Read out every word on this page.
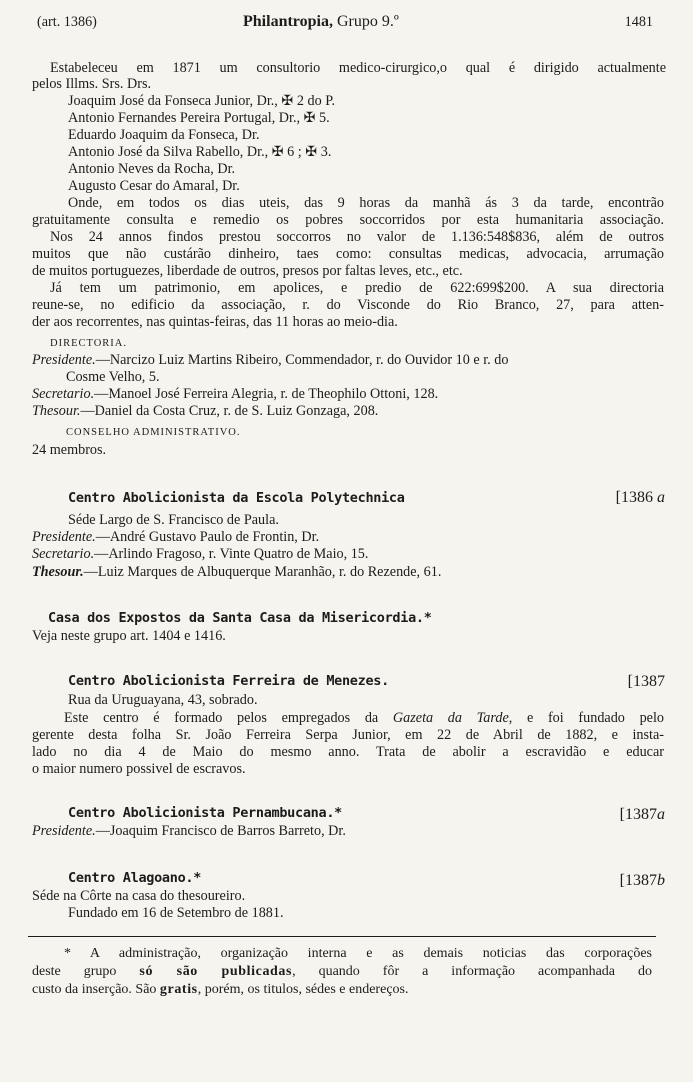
(art. 1386)	Philantropia, Grupo 9.º	1481
Estabeleceu em 1871 um consultorio medico-cirurgico,o qual é dirigido actualmente
pelos Illms. Srs. Drs.
Joaquim José da Fonseca Junior, Dr., ✠ 2 do P.
Antonio Fernandes Pereira Portugal, Dr., ✠ 5.
Eduardo Joaquim da Fonseca, Dr.
Antonio José da Silva Rabello, Dr., ✠ 6 ; ✠ 3.
Antonio Neves da Rocha, Dr.
Augusto Cesar do Amaral, Dr.
Onde, em todos os dias uteis, das 9 horas da manhã ás 3 da tarde, encontrão
gratuitamente consulta e remedio os pobres soccorridos por esta humanitaria associação.
Nos 24 annos findos prestou soccorros no valor de 1.136:548$836, além de outros
muitos que não custárão dinheiro, taes como: consultas medicas, advocacia, arrumação
de muitos portuguezes, liberdade de outros, presos por faltas leves, etc., etc.
Já tem um patrimonio, em apolices, e predio de 622:699$200. A sua directoria
reune-se, no edificio da associação, r. do Visconde do Rio Branco, 27, para atten-
der aos recorrentes, nas quintas-feiras, das 11 horas ao meio-dia.
DIRECTORIA.
Presidente.—Narcizo Luiz Martins Ribeiro, Commendador, r. do Ouvidor 10 e r. do
Cosme Velho, 5.
Secretario.—Manoel José Ferreira Alegria, r. de Theophilo Ottoni, 128.
Thesour.—Daniel da Costa Cruz, r. de S. Luiz Gonzaga, 208.
CONSELHO ADMINISTRATIVO.
24 membros.
Centro Abolicionista da Escola Polytechnica	[1386 a
Séde Largo de S. Francisco de Paula.
Presidente.—André Gustavo Paulo de Frontin, Dr.
Secretario.—Arlindo Fragoso, r. Vinte Quatro de Maio, 15.
Thesour.—Luiz Marques de Albuquerque Maranhão, r. do Rezende, 61.
Casa dos Expostos da Santa Casa da Misericordia.*
Veja neste grupo art. 1404 e 1416.
Centro Abolicionista Ferreira de Menezes.	[1387
Rua da Uruguayana, 43, sobrado.
Este centro é formado pelos empregados da Gazeta da Tarde, e foi fundado pelo
gerente desta folha Sr. João Ferreira Serpa Junior, em 22 de Abril de 1882, e insta-
lado no dia 4 de Maio do mesmo anno. Trata de abolir a escravidão e educar
o maior numero possivel de escravos.
Centro Abolicionista Pernambucana.*	[1387a
Presidente.—Joaquim Francisco de Barros Barreto, Dr.
Centro Alagoano.*	[1387b
Séde na Côrte na casa do thesoureiro.
Fundado em 16 de Setembro de 1881.
* A administração, organização interna e as demais noticias das corporações
deste grupo só são publicadas, quando fôr a informação acompanhada do
custo da inserção. São gratis, porém, os titulos, sédes e endereços.
